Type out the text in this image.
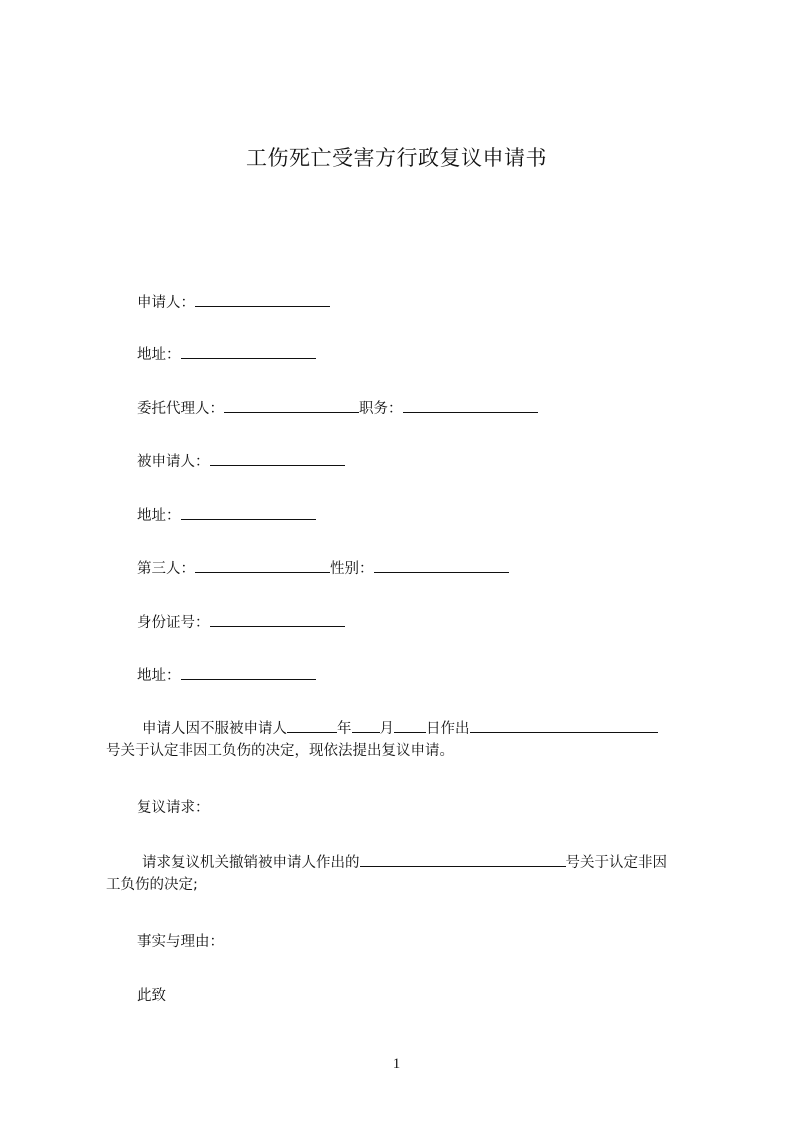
工伤死亡受害方行政复议申请书
申请人：
地址：
委托代理人：	职务：
被申请人：
地址：
第三人：	性别：
身份证号：
地址：
申请人因不服被申请人	年 月 日作出
号关于认定非因工负伤的决定，现依法提出复议申请。
复议请求：
请求复议机关撤销被申请人作出的	号关于认定非因
工负伤的决定;
事实与理由：
此致
1
